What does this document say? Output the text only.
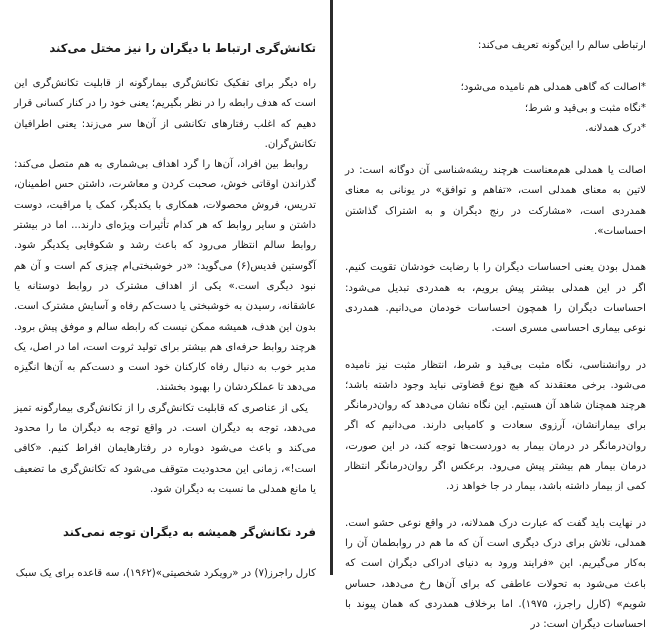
تکانش‌گری ارتباط با دیگران را نیز مختل می‌کند

راه دیگر برای تفکیک تکانش‌گری بیمارگونه از قابلیت تکانش‌گری این است که هدف رابطه را در نظر بگیریم؛ یعنی خود را در کنار کسانی قرار دهیم که اغلب رفتارهای تکانشی از آن‌ها سر می‌زند: یعنی اطرافیان تکانش‌گران.

روابط بین افراد، آن‌ها را گرد اهداف بی‌شماری به هم متصل می‌کند: گذراندن اوقاتی خوش، صحبت کردن و معاشرت، داشتن حس اطمینان، تدریس، فروش محصولات، همکاری با یکدیگر، کمک یا مراقبت، دوست داشتن و سایر روابط که هر کدام تأثیرات ویژه‌ای دارند... اما در بیشتر روابط سالم انتظار می‌رود که باعث رشد و شکوفایی یکدیگر شود. آگوستین قدیس(۶) می‌گوید: «در خوشبختی‌ام چیزی کم است و آن هم نبود دیگری است.» یکی از اهداف مشترک در روابط دوستانه یا عاشقانه، رسیدن به خوشبختی یا دست‌کم رفاه و آسایش مشترک است. بدون این هدف، همیشه ممکن نیست که رابطه سالم و موفق پیش برود. هرچند روابط حرفه‌ای هم بیشتر برای تولید ثروت است، اما در اصل، یک مدیر خوب به دنبال رفاه کارکنان خود است و دست‌کم به آن‌ها انگیزه می‌دهد تا عملکردشان را بهبود بخشند.

یکی از عناصری که قابلیت تکانش‌گری را از تکانش‌گری بیمارگونه تمیز می‌دهد، توجه به دیگران است. در واقع توجه به دیگران ما را محدود می‌کند و باعث می‌شود دوباره در رفتارهایمان افراط کنیم. «کافی است!»، زمانی این محدودیت متوقف می‌شود که تکانش‌گری ما تضعیف یا مانع همدلی ما نسبت به دیگران شود.

فرد تکانش‌گر همیشه به دیگران توجه نمی‌کند

کارل راجرز(۷) در «رویکرد شخصیتی»(۱۹۶۲)، سه قاعده برای یک سبک

ارتباطی سالم را این‌گونه تعریف می‌کند:

*اصالت که گاهی همدلی هم نامیده می‌شود؛

*نگاه مثبت و بی‌قید و شرط؛

*درک همدلانه.

اصالت یا همدلی هم‌معنا‌ست هرچند ریشه‌شناسی آن دوگانه است: در لاتین به معنای همدلی است، «تفاهم و توافق» در یونانی به معنای همدردی است، «مشارکت در رنج دیگران و به اشتراک گذاشتن احساسات».

همدل بودن یعنی احساسات دیگران را با رضایت خودشان تقویت کنیم. اگر در این همدلی بیشتر پیش برویم، به همدردی تبدیل می‌شود: احساسات دیگران را همچون احساسات خودمان می‌دانیم. همدردی نوعی بیماری احساسی مسری است.

در روانشناسی، نگاه مثبت بی‌قید و شرط، انتظار مثبت نیز نامیده می‌شود. برخی معتقدند که هیچ نوع قضاوتی نباید وجود داشته باشد؛ هرچند همچنان شاهد آن هستیم. این نگاه نشان می‌دهد که روان‌درمانگر برای بیمارانشان، آرزوی سعادت و کامیابی دارند. می‌دانیم که اگر روان‌درمانگر در درمان بیمار به دوردست‌ها توجه کند، در این صورت، درمان بیمار هم بیشتر پیش می‌رود. برعکس اگر روان‌درمانگر انتظار کمی از بیمار داشته باشد، بیمار در جا خواهد زد.

در نهایت باید گفت که عبارت درک همدلانه، در واقع نوعی حشو است. همدلی، تلاش برای درک دیگری است آن که ما هم در روابطمان آن را به‌کار می‌گیریم. این «فرایند ورود به دنیای ادراکی دیگران است که باعث می‌شود به تحولات عاطفی که برای آن‌ها رخ می‌دهد، حساس شویم» (کارل راجرز، ۱۹۷۵). اما برخلاف همدردی که همان پیوند با احساسات دیگران است: در
